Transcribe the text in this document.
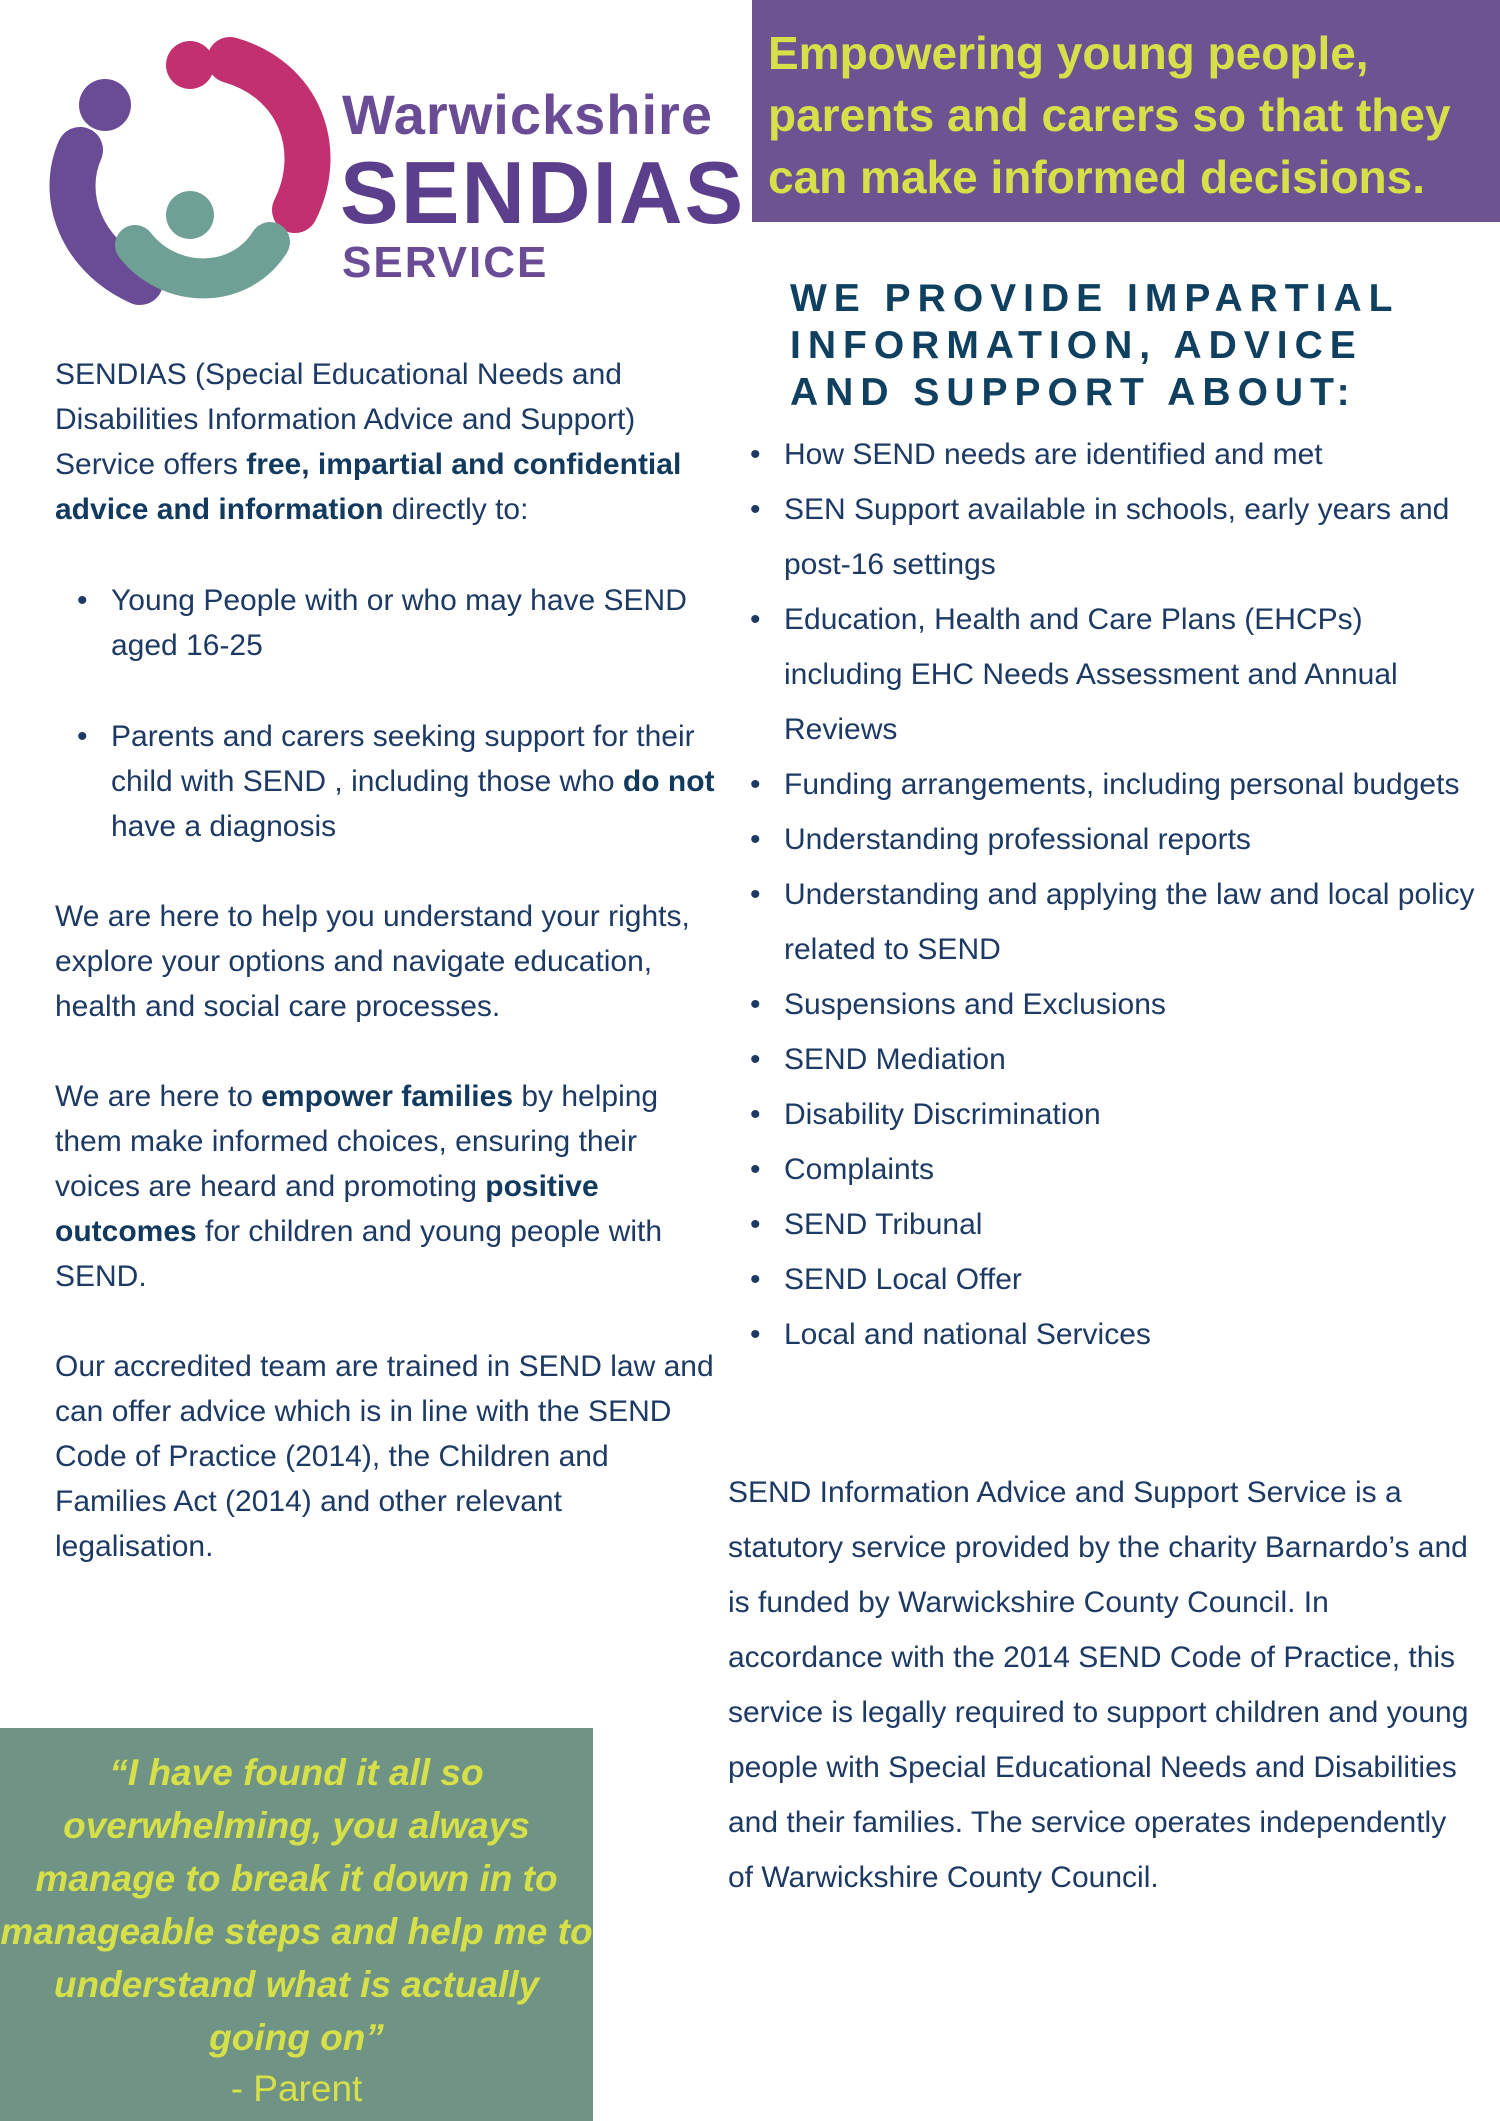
Warwickshire
SENDIAS
SERVICE

Empowering young people, parents and carers so that they can make informed decisions.

SENDIAS (Special Educational Needs and Disabilities Information Advice and Support) Service offers free, impartial and confidential advice and information directly to:

• Young People with or who may have SEND aged 16-25
• Parents and carers seeking support for their child with SEND , including those who do not have a diagnosis

We are here to help you understand your rights, explore your options and navigate education, health and social care processes.

We are here to empower families by helping them make informed choices, ensuring their voices are heard and promoting positive outcomes for children and young people with SEND.

Our accredited team are trained in SEND law and can offer advice which is in line with the SEND Code of Practice (2014), the Children and Families Act (2014) and other relevant legalisation.

WE PROVIDE IMPARTIAL INFORMATION, ADVICE AND SUPPORT ABOUT:
• How SEND needs are identified and met
• SEN Support available in schools, early years and post-16 settings
• Education, Health and Care Plans (EHCPs) including EHC Needs Assessment and Annual Reviews
• Funding arrangements, including personal budgets
• Understanding professional reports
• Understanding and applying the law and local policy related to SEND
• Suspensions and Exclusions
• SEND Mediation
• Disability Discrimination
• Complaints
• SEND Tribunal
• SEND Local Offer
• Local and national Services

SEND Information Advice and Support Service is a statutory service provided by the charity Barnardo’s and is funded by Warwickshire County Council. In accordance with the 2014 SEND Code of Practice, this service is legally required to support children and young people with Special Educational Needs and Disabilities and their families. The service operates independently of Warwickshire County Council.

“I have found it all so overwhelming, you always manage to break it down in to manageable steps and help me to understand what is actually going on”

- Parent
